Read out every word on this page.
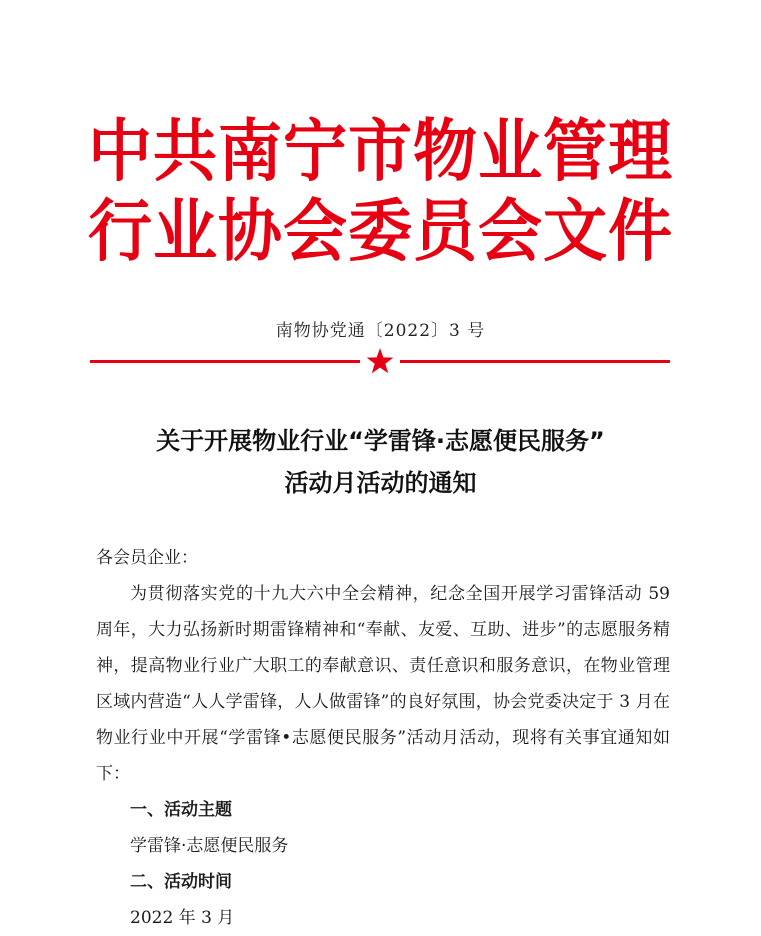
中共南宁市物业管理
行业协会委员会文件
南物协党通〔2022〕3 号
关于开展物业行业“学雷锋·志愿便民服务”
活动月活动的通知

各会员企业：

为贯彻落实党的十九大六中全会精神，纪念全国开展学习雷锋活动 59 周年，大力弘扬新时期雷锋精神和“奉献、友爱、互助、进步”的志愿服务精神，提高物业行业广大职工的奉献意识、责任意识和服务意识，在物业管理区域内营造“人人学雷锋，人人做雷锋”的良好氛围，协会党委决定于 3 月在物业行业中开展“学雷锋•志愿便民服务”活动月活动，现将有关事宜通知如下：

一、活动主题

学雷锋·志愿便民服务

二、活动时间

2022 年 3 月
